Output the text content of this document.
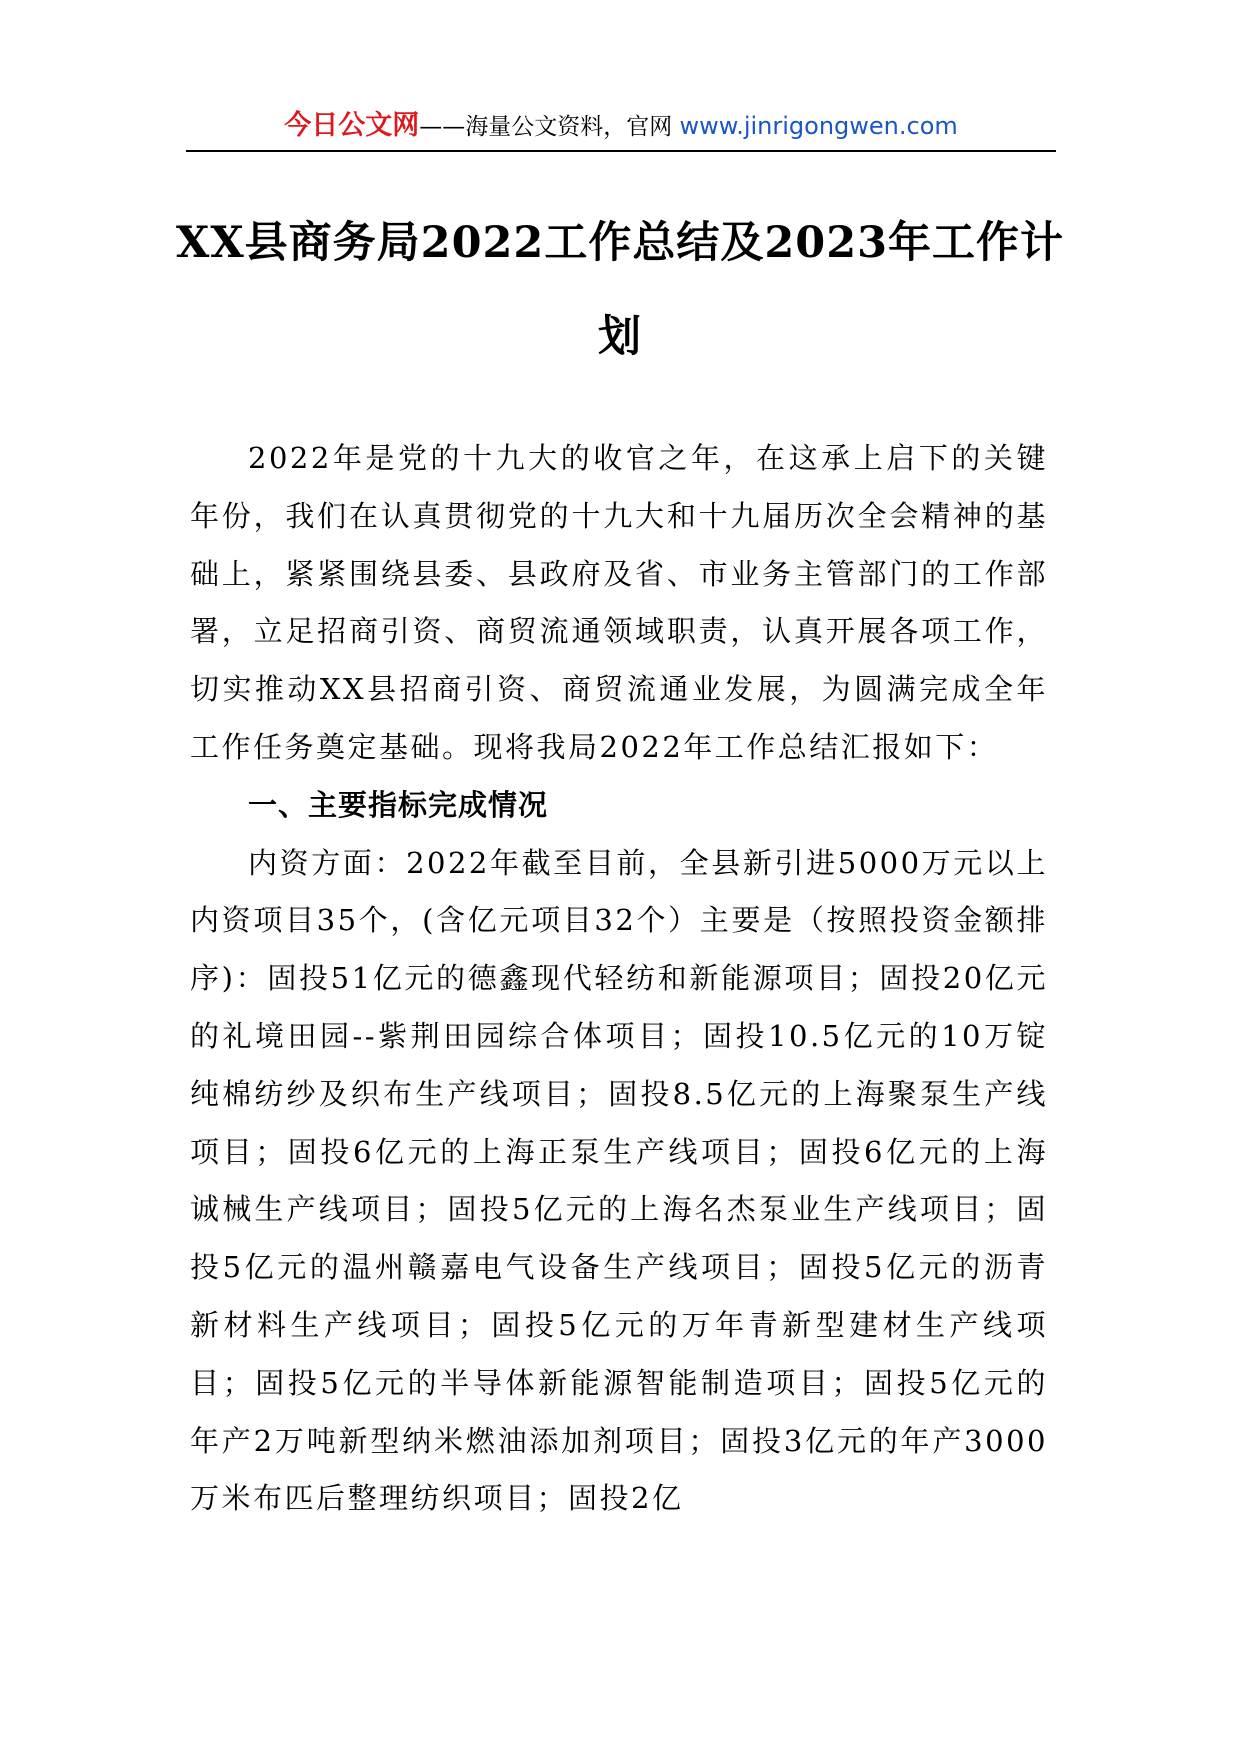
今日公文网——海量公文资料，官网 www.jinrigongwen.com
XX县商务局2022工作总结及2023年工作计划

2022年是党的十九大的收官之年，在这承上启下的关键年份，我们在认真贯彻党的十九大和十九届历次全会精神的基础上，紧紧围绕县委、县政府及省、市业务主管部门的工作部署，立足招商引资、商贸流通领域职责，认真开展各项工作，切实推动XX县招商引资、商贸流通业发展，为圆满完成全年工作任务奠定基础。现将我局2022年工作总结汇报如下：

一、主要指标完成情况

内资方面：2022年截至目前，全县新引进5000万元以上内资项目35个，(含亿元项目32个）主要是（按照投资金额排序)：固投51亿元的德鑫现代轻纺和新能源项目；固投20亿元的礼境田园--紫荆田园综合体项目；固投10.5亿元的10万锭纯棉纺纱及织布生产线项目；固投8.5亿元的上海聚泵生产线项目；固投6亿元的上海正泵生产线项目；固投6亿元的上海诚械生产线项目；固投5亿元的上海名杰泵业生产线项目；固投5亿元的温州赣嘉电气设备生产线项目；固投5亿元的沥青新材料生产线项目；固投5亿元的万年青新型建材生产线项目；固投5亿元的半导体新能源智能制造项目；固投5亿元的年产2万吨新型纳米燃油添加剂项目；固投3亿元的年产3000万米布匹后整理纺织项目；固投2亿
